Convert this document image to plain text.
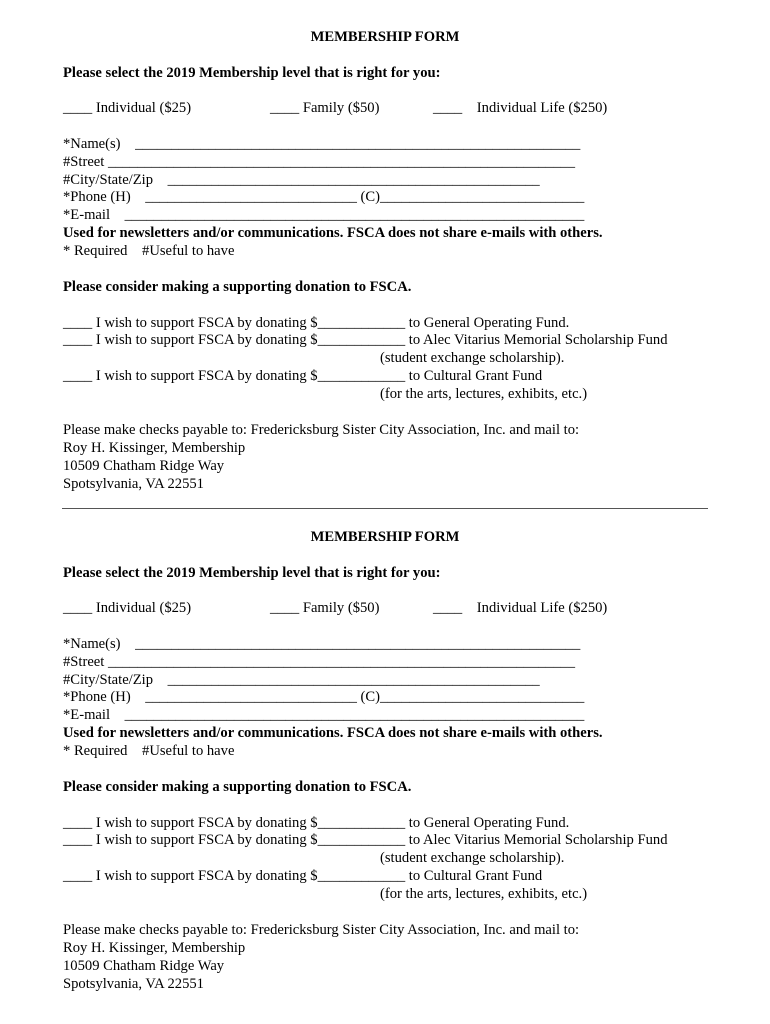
MEMBERSHIP FORM
Please select the 2019 Membership level that is right for you:
____ Individual ($25)	____ Family ($50)	____    Individual Life ($250)
*Name(s)    _____________________________________________________________
#Street ________________________________________________________________
#City/State/Zip    ___________________________________________________
*Phone (H)    _____________________________ (C)____________________________
*E-mail    _______________________________________________________________
Used for newsletters and/or communications. FSCA does not share e-mails with others.
* Required    #Useful to have
Please consider making a supporting donation to FSCA.
____ I wish to support FSCA by donating $____________ to General Operating Fund.
____ I wish to support FSCA by donating $____________ to Alec Vitarius Memorial Scholarship Fund
(student exchange scholarship).
____ I wish to support FSCA by donating $____________ to Cultural Grant Fund
(for the arts, lectures, exhibits, etc.)
Please make checks payable to: Fredericksburg Sister City Association, Inc. and mail to:
Roy H. Kissinger, Membership
10509 Chatham Ridge Way
Spotsylvania, VA 22551
MEMBERSHIP FORM
Please select the 2019 Membership level that is right for you:
____ Individual ($25)	____ Family ($50)	____    Individual Life ($250)
*Name(s)    _____________________________________________________________
#Street ________________________________________________________________
#City/State/Zip    ___________________________________________________
*Phone (H)    _____________________________ (C)____________________________
*E-mail    _______________________________________________________________
Used for newsletters and/or communications. FSCA does not share e-mails with others.
* Required    #Useful to have
Please consider making a supporting donation to FSCA.
____ I wish to support FSCA by donating $____________ to General Operating Fund.
____ I wish to support FSCA by donating $____________ to Alec Vitarius Memorial Scholarship Fund
(student exchange scholarship).
____ I wish to support FSCA by donating $____________ to Cultural Grant Fund
(for the arts, lectures, exhibits, etc.)
Please make checks payable to: Fredericksburg Sister City Association, Inc. and mail to:
Roy H. Kissinger, Membership
10509 Chatham Ridge Way
Spotsylvania, VA 22551
